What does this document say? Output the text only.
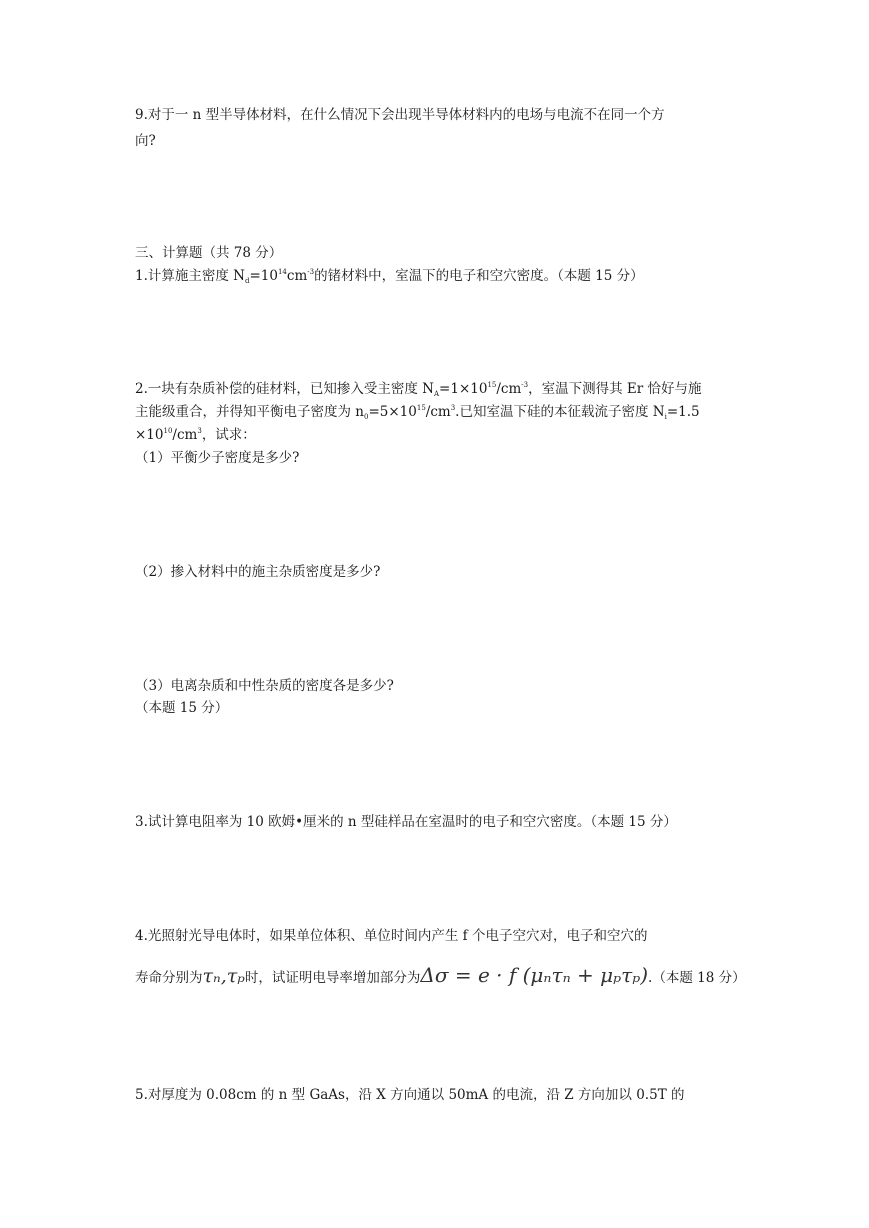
9.对于一 n 型半导体材料，在什么情况下会出现半导体材料内的电场与电流不在同一个方
向?
三、计算题（共 78 分）
1.计算施主密度 $N_d=10^{14}cm^{-3}$的锗材料中，室温下的电子和空穴密度。（本题 15 分）
2.一块有杂质补偿的硅材料，已知掺入受主密度 $N_A=1\times 10^{15}/cm^{-3}$，室温下测得其 Er 恰好与施
主能级重合，并得知平衡电子密度为 $n_0=5\times 10^{15}/cm^3$.已知室温下硅的本征载流子密度 $N_i=1.5$
$\times 10^{10}/cm^3$，试求：
（1）平衡少子密度是多少?
（2）掺入材料中的施主杂质密度是多少?
（3）电离杂质和中性杂质的密度各是多少?
（本题 15 分）
3.试计算电阻率为 10 欧姆•厘米的 n 型硅样品在室温时的电子和空穴密度。（本题 15 分）
4.光照射光导电体时，如果单位体积、单位时间内产生 f 个电子空穴对，电子和空穴的
寿命分别为τₙ,τₚ时，试证明电导率增加部分为Δσ = e · f (μₙτₙ + μₚτₚ).（本题 18 分）
5.对厚度为 0.08cm 的 n 型 GaAs，沿 X 方向通以 50mA 的电流，沿 Z 方向加以 0.5T 的
